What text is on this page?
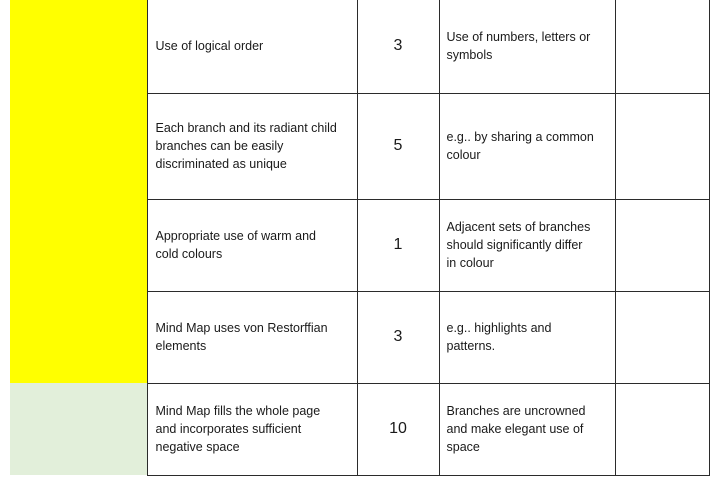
	Use of logical order	3	Use of numbers, letters or
symbols	

	Each branch and its radiant child
branches can be easily
discriminated as unique	5	e.g.. by sharing a common
colour	

	Appropriate use of warm and
cold colours	1	Adjacent sets of branches
should significantly differ
in colour	

	Mind Map uses von Restorffian
elements	3	e.g.. highlights and
patterns.	

	Mind Map fills the whole page
and incorporates sufficient
negative space	10	Branches are uncrowned
and make elegant use of
space	
